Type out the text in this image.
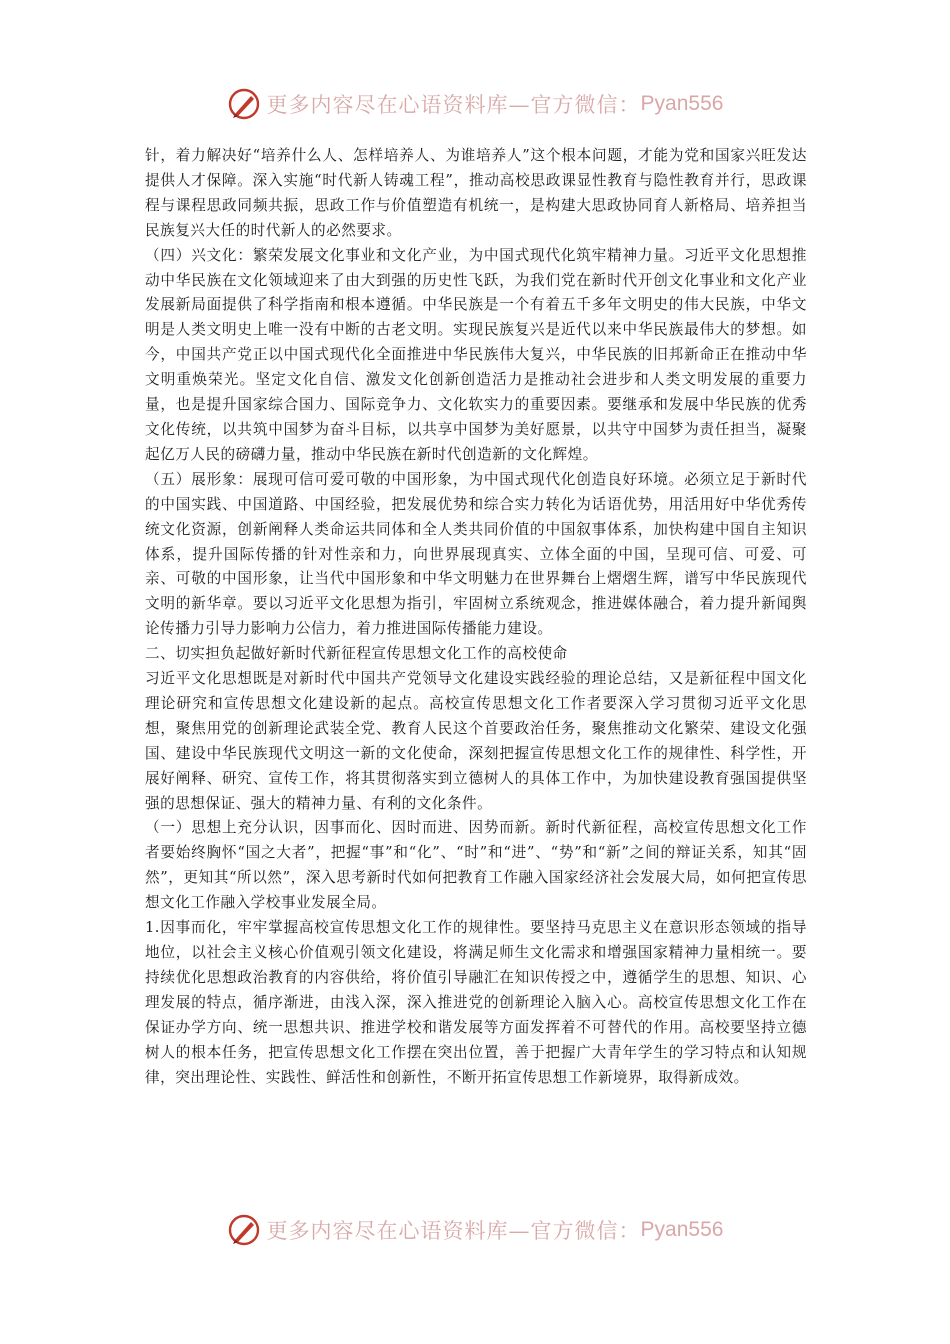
更多内容尽在心语资料库—官方微信： Pyan556

针，着力解决好“培养什么人、怎样培养人、为谁培养人”这个根本问题，才能为党和国家兴旺发达提供人才保障。深入实施“时代新人铸魂工程”，推动高校思政课显性教育与隐性教育并行，思政课程与课程思政同频共振，思政工作与价值塑造有机统一，是构建大思政协同育人新格局、培养担当民族复兴大任的时代新人的必然要求。

（四）兴文化：繁荣发展文化事业和文化产业，为中国式现代化筑牢精神力量。习近平文化思想推动中华民族在文化领域迎来了由大到强的历史性飞跃，为我们党在新时代开创文化事业和文化产业发展新局面提供了科学指南和根本遵循。中华民族是一个有着五千多年文明史的伟大民族，中华文明是人类文明史上唯一没有中断的古老文明。实现民族复兴是近代以来中华民族最伟大的梦想。如今，中国共产党正以中国式现代化全面推进中华民族伟大复兴，中华民族的旧邦新命正在推动中华文明重焕荣光。坚定文化自信、激发文化创新创造活力是推动社会进步和人类文明发展的重要力量，也是提升国家综合国力、国际竞争力、文化软实力的重要因素。要继承和发展中华民族的优秀文化传统，以共筑中国梦为奋斗目标，以共享中国梦为美好愿景，以共守中国梦为责任担当，凝聚起亿万人民的磅礴力量，推动中华民族在新时代创造新的文化辉煌。

（五）展形象：展现可信可爱可敬的中国形象，为中国式现代化创造良好环境。必须立足于新时代的中国实践、中国道路、中国经验，把发展优势和综合实力转化为话语优势，用活用好中华优秀传统文化资源，创新阐释人类命运共同体和全人类共同价值的中国叙事体系，加快构建中国自主知识体系，提升国际传播的针对性亲和力，向世界展现真实、立体全面的中国，呈现可信、可爱、可亲、可敬的中国形象，让当代中国形象和中华文明魅力在世界舞台上熠熠生辉，谱写中华民族现代文明的新华章。要以习近平文化思想为指引，牢固树立系统观念，推进媒体融合，着力提升新闻舆论传播力引导力影响力公信力，着力推进国际传播能力建设。

二、切实担负起做好新时代新征程宣传思想文化工作的高校使命

习近平文化思想既是对新时代中国共产党领导文化建设实践经验的理论总结，又是新征程中国文化理论研究和宣传思想文化建设新的起点。高校宣传思想文化工作者要深入学习贯彻习近平文化思想，聚焦用党的创新理论武装全党、教育人民这个首要政治任务，聚焦推动文化繁荣、建设文化强国、建设中华民族现代文明这一新的文化使命，深刻把握宣传思想文化工作的规律性、科学性，开展好阐释、研究、宣传工作，将其贯彻落实到立德树人的具体工作中，为加快建设教育强国提供坚强的思想保证、强大的精神力量、有利的文化条件。

（一）思想上充分认识，因事而化、因时而进、因势而新。新时代新征程，高校宣传思想文化工作者要始终胸怀“国之大者”，把握“事”和“化”、“时”和“进”、“势”和“新”之间的辩证关系，知其“固然”，更知其“所以然”，深入思考新时代如何把教育工作融入国家经济社会发展大局，如何把宣传思想文化工作融入学校事业发展全局。

1.因事而化，牢牢掌握高校宣传思想文化工作的规律性。要坚持马克思主义在意识形态领域的指导地位，以社会主义核心价值观引领文化建设，将满足师生文化需求和增强国家精神力量相统一。要持续优化思想政治教育的内容供给，将价值引导融汇在知识传授之中，遵循学生的思想、知识、心理发展的特点，循序渐进，由浅入深，深入推进党的创新理论入脑入心。高校宣传思想文化工作在保证办学方向、统一思想共识、推进学校和谐发展等方面发挥着不可替代的作用。高校要坚持立德树人的根本任务，把宣传思想文化工作摆在突出位置，善于把握广大青年学生的学习特点和认知规律，突出理论性、实践性、鲜活性和创新性，不断开拓宣传思想工作新境界，取得新成效。

更多内容尽在心语资料库—官方微信： Pyan556
